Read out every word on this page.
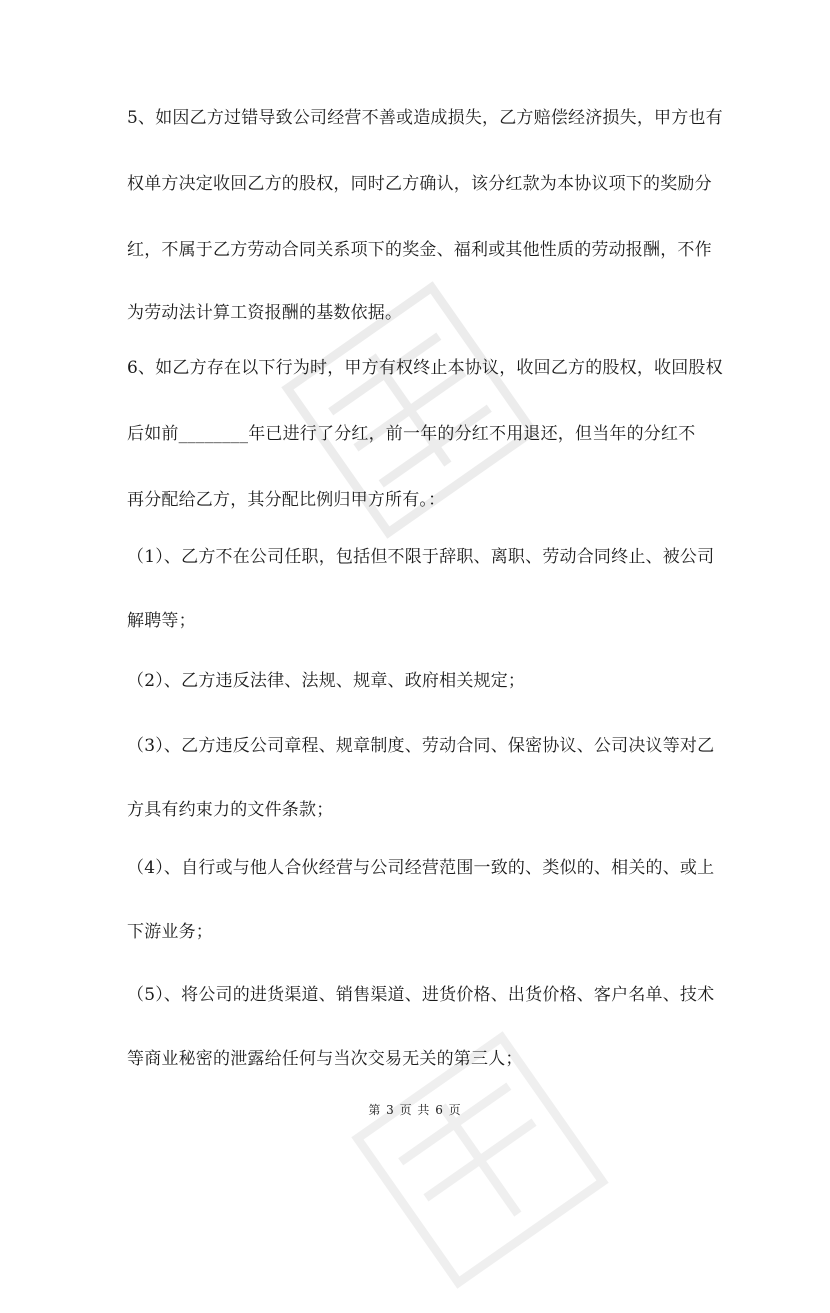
5、如因乙方过错导致公司经营不善或造成损失，乙方赔偿经济损失，甲方也有
权单方决定收回乙方的股权，同时乙方确认，该分红款为本协议项下的奖励分
红，不属于乙方劳动合同关系项下的奖金、福利或其他性质的劳动报酬，不作
为劳动法计算工资报酬的基数依据。
6、如乙方存在以下行为时，甲方有权终止本协议，收回乙方的股权，收回股权
后如前________年已进行了分红，前一年的分红不用退还，但当年的分红不
再分配给乙方，其分配比例归甲方所有。：
（1）、乙方不在公司任职，包括但不限于辞职、离职、劳动合同终止、被公司
解聘等；
（2）、乙方违反法律、法规、规章、政府相关规定；
（3）、乙方违反公司章程、规章制度、劳动合同、保密协议、公司决议等对乙
方具有约束力的文件条款；
（4）、自行或与他人合伙经营与公司经营范围一致的、类似的、相关的、或上
下游业务；
（5）、将公司的进货渠道、销售渠道、进货价格、出货价格、客户名单、技术
等商业秘密的泄露给任何与当次交易无关的第三人；
第 3 页 共 6 页
